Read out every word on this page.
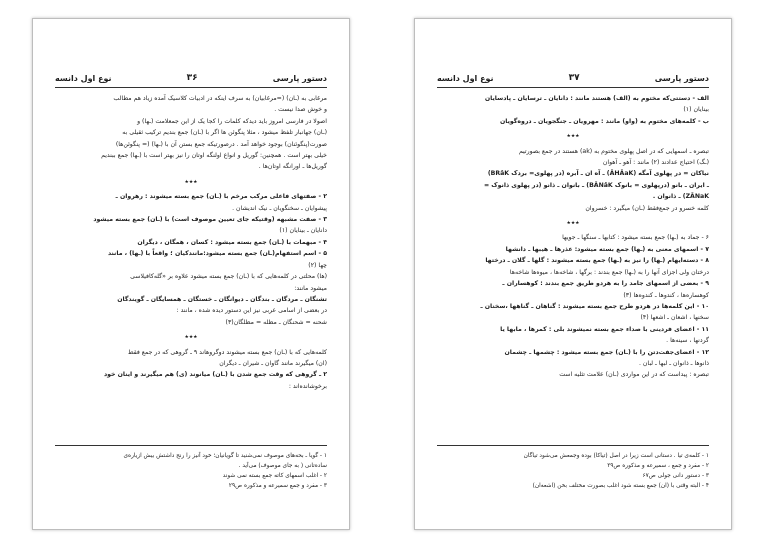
دستور پارسی
۳۶
نوع اول دانسه

مرغابی به (ـان) (=مرغابیان) به سرف اینکه در ادبیات کلاسیک آمده زیاد هم مطالب

و خوش صدا نیست .

اصولا در فارسی امروز باید دیدکه کلمات را کجا یک از این جمعلامت (ـها) و

(ـان) جهانبار تلفظ میشود ، مثلا پنگوئن ها اگر با (ـان) جمع بندیم ترکیب ثقیلی به

صورت(پنگوئنان) بوجود خواهد آمد . درصورتیکه جمع بستن آن با (ـها) (= پنگوئن‌ها)

خیلی بهتر است . همچنین: گوریل و انواع اولنگه اوتان را نیز بهتر است با (ـها) جمع ببندیم

گوریل‌ها ـ اورانگه اوتان‌ها .

٭٭٭

۲ - صفتهای فاعلی مرکب مرخم با (ـان) جمع بسته میشوند : رهروان ـ

پیشوایان ـ سخنگویان ـ نیک اندیشان .

۳ - صفت مشبهه (وقتیکه جای تعیین موصوف است) با (ـان) جمع بسته میشود

دانایان ـ بینایان (۱)

۴ - مبهمات با (ـان) جمع بسته میشود : کسان ، همگان ، دیگران

۵ - اسم استفهام(ـان) جمع بسته میشود:مانندکیان ؛ واقعاً با (ـها) ، مانند

چها (۲)

(ها) محلتی در کلمه‌هایی که با (ـان) جمع بسته میشود علاوه‌ بر «گله‌کافیلاسی

میشود مانند:

تشنگان ـ مردگان ـ بندگان ـ دیوانگان ـ خستگان ـ همسایگان ـ گویندگان

در بعضی از اسامی عربی نیز این دستور دیده شده ، مانند :

شحنه ‌= شحنگان ـ مظله = مظلگان(۳)

٭٭٭

کلمه‌هایی که با (ـان) جمع بسته میشوند دوگروهاند ۹ ـ گروهی که در جمع فقط

(ان) میگیرند مانند گاوان ـ شیران ـ دیگران

۲ ـ گروهی که وقت جمع شدن با (ـان) میانوند (ی) هم میگیرند و اینان خود

برخوشانده‌اند :

۱ - گویا ـ بحه‌های موصوف نمی‌شنید تا گویانیان؛ خود آنیز را رنج داشتش بیش ازیاره‌ی

ساده‌تانی ( به جای موصوف) می‌آید .

۲ - اغلب اسمهای کاته جمع بسته نمی شوند

۳ - مفرد و جمع سمیرعه و مذکوره ص۲۹

دستور پارسی
۳۷
نوع اول دانسه

الف - دستتی‌که مختوم به (الف) هستند مانند : دانایان ـ ترسایان ـ پادسایان

بینایان (۱)

ب - کلمه‌های مختوم به (واو) مانند : مهرویان ـ جنگجویان ـ دروه‌گویان

٭٭٭

تبصره ـ اسمهایی که در اصل پهلوی مختوم به (ak) هستند در جمع بصورتیم

(ـگ) احتیاج‌ عدادند (۲) مانند : آهو ـ آهوان

نیاکان = در پهلوی آمگه (ÂHÂaK) ـ آه ان ـ آبره (در پهلوی= بردک BRâK)

ـ ایران ـ بانو (درپهلوی = بانوک BÂNâK) ـ بانوان ـ ذانو (در پهلوی ذانوک =

ZÂNaK) ـ ذانوان .

کلمه خسرو در جمع‌فقط (ـان) میگیرد : خسروان

٭٭٭

۶ - جماد به (ـها) جمع بسته میشود : کتابها ـ سنگها ـ جویها

۷ - اسمهای معنی به (ـها) جمع بسته میشود: عذرها ـ هیبها ـ دانشها

۸ - دسته‌ایهام (ـها) را نیز به (ـها) جمع بسته میشوند : گلها ـ گلان ـ درختها

درختان ولی اجزای آنها را به (ـها) جمع بندند : برگها ، شاخه‌ها ، میوه‌ها شاخه‌ها

۹ - بعضی از اسمهای جامد را به هردو طریق جمع بندند : کوهساران ـ

کوهساره‌ها ، کندوها ـ کندوه‌ها (۳)

۱۰ - این کلمه‌ها در هردو طرح جمع بسته میشوند : گناهان ـ گناهها ،سخنان ـ

سخنها ، اشعان ـ اشعها (۴)

۱۱ - اعضای فردینی با صداء جمع بسته نمیشوند بلی : کمرها ، مابها یا

گردنها ، سینه‌ها .

۱۲ - اعضای‌جفت‌دتن را با (ـان) جمع بسته میشود : چشمها ـ چشمان

ذانوها ـ ذانوان ـ لبها ـ لبان .

تبصره : پیداست که در این مواردی (ـان) علامت تثلیه است

۱ - کلمه‌ی تیا . دستانی است زیرا در اصل (تیاکا) بوده وجمعش می‌شود تیاگان

۲ - مفرد و جمع ، سمیرعه و مذکوره ص۲۹

۳ - دستور دانی جولی ص۶۷

۴ - البته وقتی با (ان) جمع بسته شود اغلب بصورت مختلف بخن (اشعه‌ان)
